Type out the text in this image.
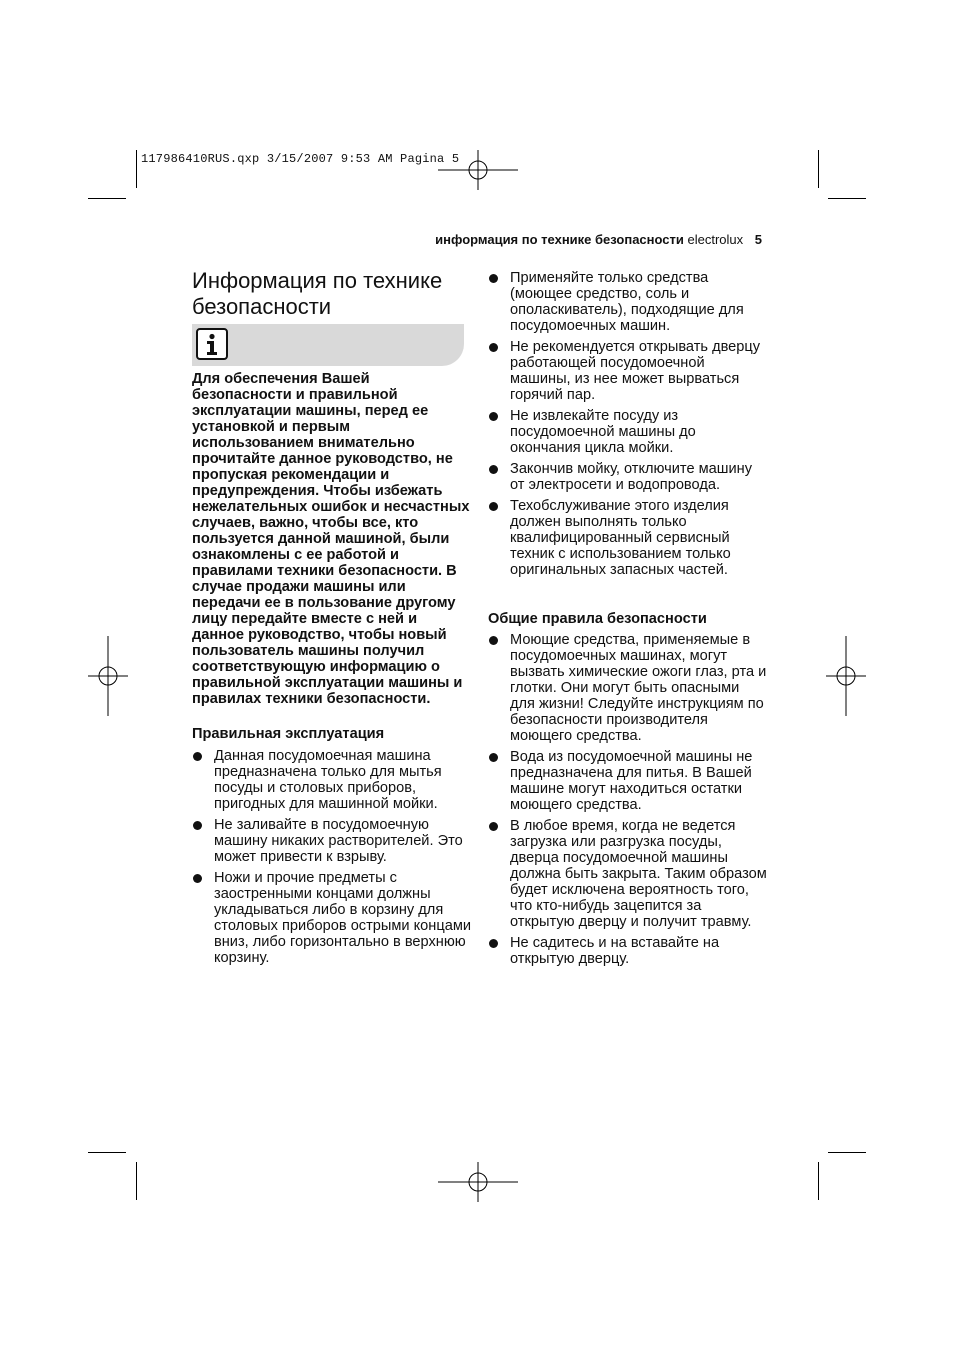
117986410RUS.qxp 3/15/2007 9:53 AM Pagina 5
информация по технике безопасности electrolux 5
Информация по технике безопасности

Для обеспечения Вашей безопасности и правильной эксплуатации машины, перед ее установкой и первым использованием внимательно прочитайте данное руководство, не пропуская рекомендации и предупреждения. Чтобы избежать нежелательных ошибок и несчастных случаев, важно, чтобы все, кто пользуется данной машиной, были ознакомлены с ее работой и правилами техники безопасности. В случае продажи машины или передачи ее в пользование другому лицу передайте вместе с ней и данное руководство, чтобы новый пользователь машины получил соответствующую информацию о правильной эксплуатации машины и правилах техники безопасности.

Правильная эксплуатация

Данная посудомоечная машина предназначена только для мытья посуды и столовых приборов, пригодных для машинной мойки.
Не заливайте в посудомоечную машину никаких растворителей. Это может привести к взрыву.
Ножи и прочие предметы с заостренными концами должны укладываться либо в корзину для столовых приборов острыми концами вниз, либо горизонтально в верхнюю корзину.
Применяйте только средства (моющее средство, соль и ополаскиватель), подходящие для посудомоечных машин.
Не рекомендуется открывать дверцу работающей посудомоечной машины, из нее может вырваться горячий пар.
Не извлекайте посуду из посудомоечной машины до окончания цикла мойки.
Закончив мойку, отключите машину от электросети и водопровода.
Техобслуживание этого изделия должен выполнять только квалифицированный сервисный техник с использованием только оригинальных запасных частей.

Общие правила безопасности

Моющие средства, применяемые в посудомоечных машинах, могут вызвать химические ожоги глаз, рта и глотки. Они могут быть опасными для жизни! Следуйте инструкциям по безопасности производителя моющего средства.
Вода из посудомоечной машины не предназначена для питья. В Вашей машине могут находиться остатки моющего средства.
В любое время, когда не ведется загрузка или разгрузка посуды, дверца посудомоечной машины должна быть закрыта. Таким образом будет исключена вероятность того, что кто-нибудь зацепится за открытую дверцу и получит травму.
Не садитесь и на вставайте на открытую дверцу.
